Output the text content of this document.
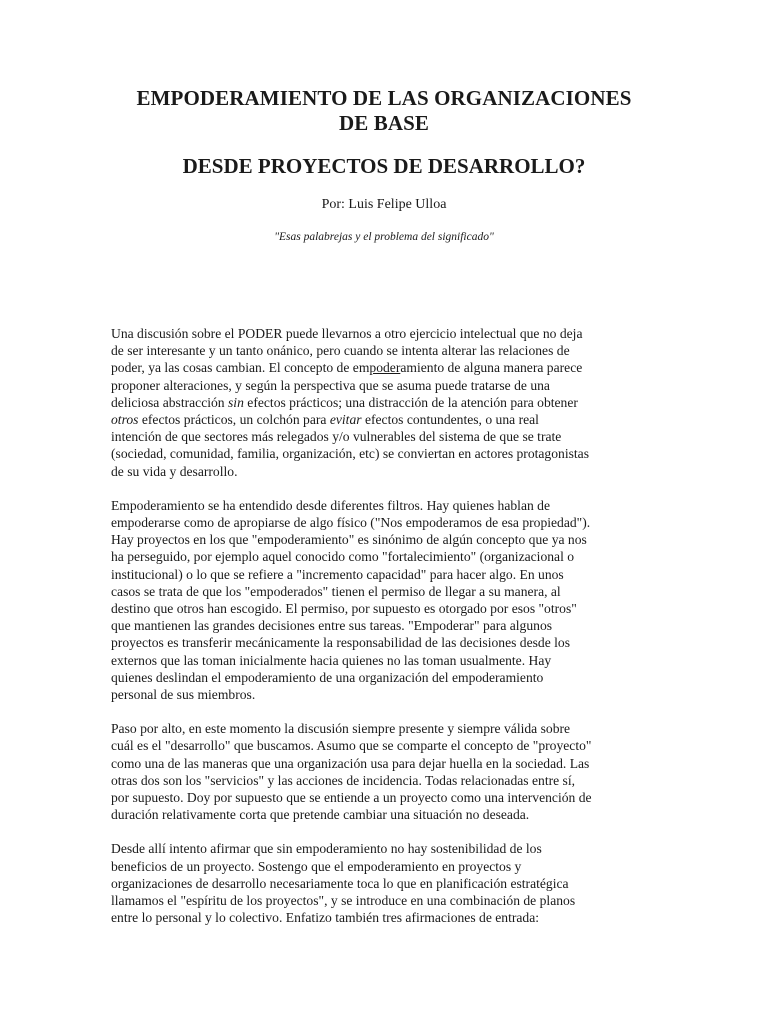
EMPODERAMIENTO DE LAS ORGANIZACIONES
DE BASE
DESDE PROYECTOS DE DESARROLLO?
Por: Luis Felipe Ulloa
"Esas palabrejas y el problema del significado"

Una discusión sobre el PODER puede llevarnos a otro ejercicio intelectual que no deja
de ser interesante y un tanto onánico, pero cuando se intenta alterar las relaciones de
poder, ya las cosas cambian. El concepto de empoderamiento de alguna manera parece
proponer alteraciones, y según la perspectiva que se asuma puede tratarse de una
deliciosa abstracción sin efectos prácticos; una distracción de la atención para obtener
otros efectos prácticos, un colchón para evitar efectos contundentes, o una real
intención de que sectores más relegados y/o vulnerables del sistema de que se trate
(sociedad, comunidad, familia, organización, etc) se conviertan en actores protagonistas
de su vida y desarrollo.

Empoderamiento se ha entendido desde diferentes filtros. Hay quienes hablan de
empoderarse como de apropiarse de algo físico ("Nos empoderamos de esa propiedad").
Hay proyectos en los que "empoderamiento" es sinónimo de algún concepto que ya nos
ha perseguido, por ejemplo aquel conocido como "fortalecimiento" (organizacional o
institucional) o lo que se refiere a "incremento capacidad" para hacer algo. En unos
casos se trata de que los "empoderados" tienen el permiso de llegar a su manera, al
destino que otros han escogido. El permiso, por supuesto es otorgado por esos "otros"
que mantienen las grandes decisiones entre sus tareas. "Empoderar" para algunos
proyectos es transferir mecánicamente la responsabilidad de las decisiones desde los
externos que las toman inicialmente hacia quienes no las toman usualmente. Hay
quienes deslindan el empoderamiento de una organización del empoderamiento
personal de sus miembros.

Paso por alto, en este momento la discusión siempre presente y siempre válida sobre
cuál es el "desarrollo" que buscamos. Asumo que se comparte el concepto de "proyecto"
como una de las maneras que una organización usa para dejar huella en la sociedad. Las
otras dos son los "servicios" y las acciones de incidencia. Todas relacionadas entre sí,
por supuesto. Doy por supuesto que se entiende a un proyecto como una intervención de
duración relativamente corta que pretende cambiar una situación no deseada.

Desde allí intento afirmar que sin empoderamiento no hay sostenibilidad de los
beneficios de un proyecto. Sostengo que el empoderamiento en proyectos y
organizaciones de desarrollo necesariamente toca lo que en planificación estratégica
llamamos el "espíritu de los proyectos", y se introduce en una combinación de planos
entre lo personal y lo colectivo. Enfatizo también tres afirmaciones de entrada:
